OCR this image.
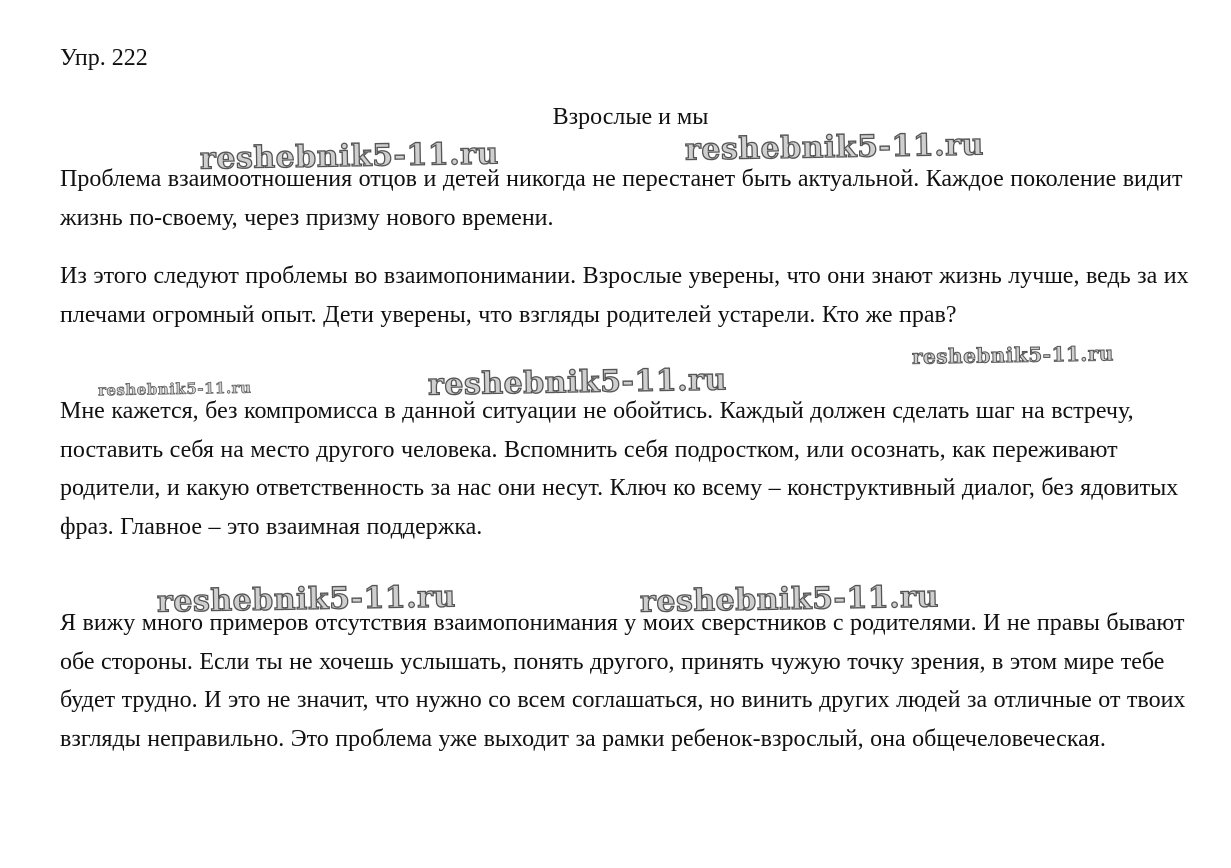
Упр. 222
Взрослые и мы

Проблема взаимоотношения отцов и детей никогда не перестанет быть актуальной. Каждое поколение видит жизнь по-своему, через призму нового времени.

Из этого следуют проблемы во взаимопонимании. Взрослые уверены, что они знают жизнь лучше, ведь за их плечами огромный опыт. Дети уверены, что взгляды родителей устарели. Кто же прав?

Мне кажется, без компромисса в данной ситуации не обойтись. Каждый должен сделать шаг на встречу, поставить себя на место другого человека. Вспомнить себя подростком, или осознать, как переживают родители, и какую ответственность за нас они несут. Ключ ко всему – конструктивный диалог, без ядовитых фраз. Главное – это взаимная поддержка.

Я вижу много примеров отсутствия взаимопонимания у моих сверстников с родителями. И не правы бывают обе стороны. Если ты не хочешь услышать, понять другого, принять чужую точку зрения, в этом мире тебе будет трудно. И это не значит, что нужно со всем соглашаться, но винить других людей за отличные от твоих взгляды неправильно. Это проблема уже выходит за рамки ребенок-взрослый, она общечеловеческая.

reshebnik5-11.ru	reshebnik5-11.ru
reshebnik5-11.ru
reshebnik5-11.ru	reshebnik5-11.ru
reshebnik5-11.ru	reshebnik5-11.ru
